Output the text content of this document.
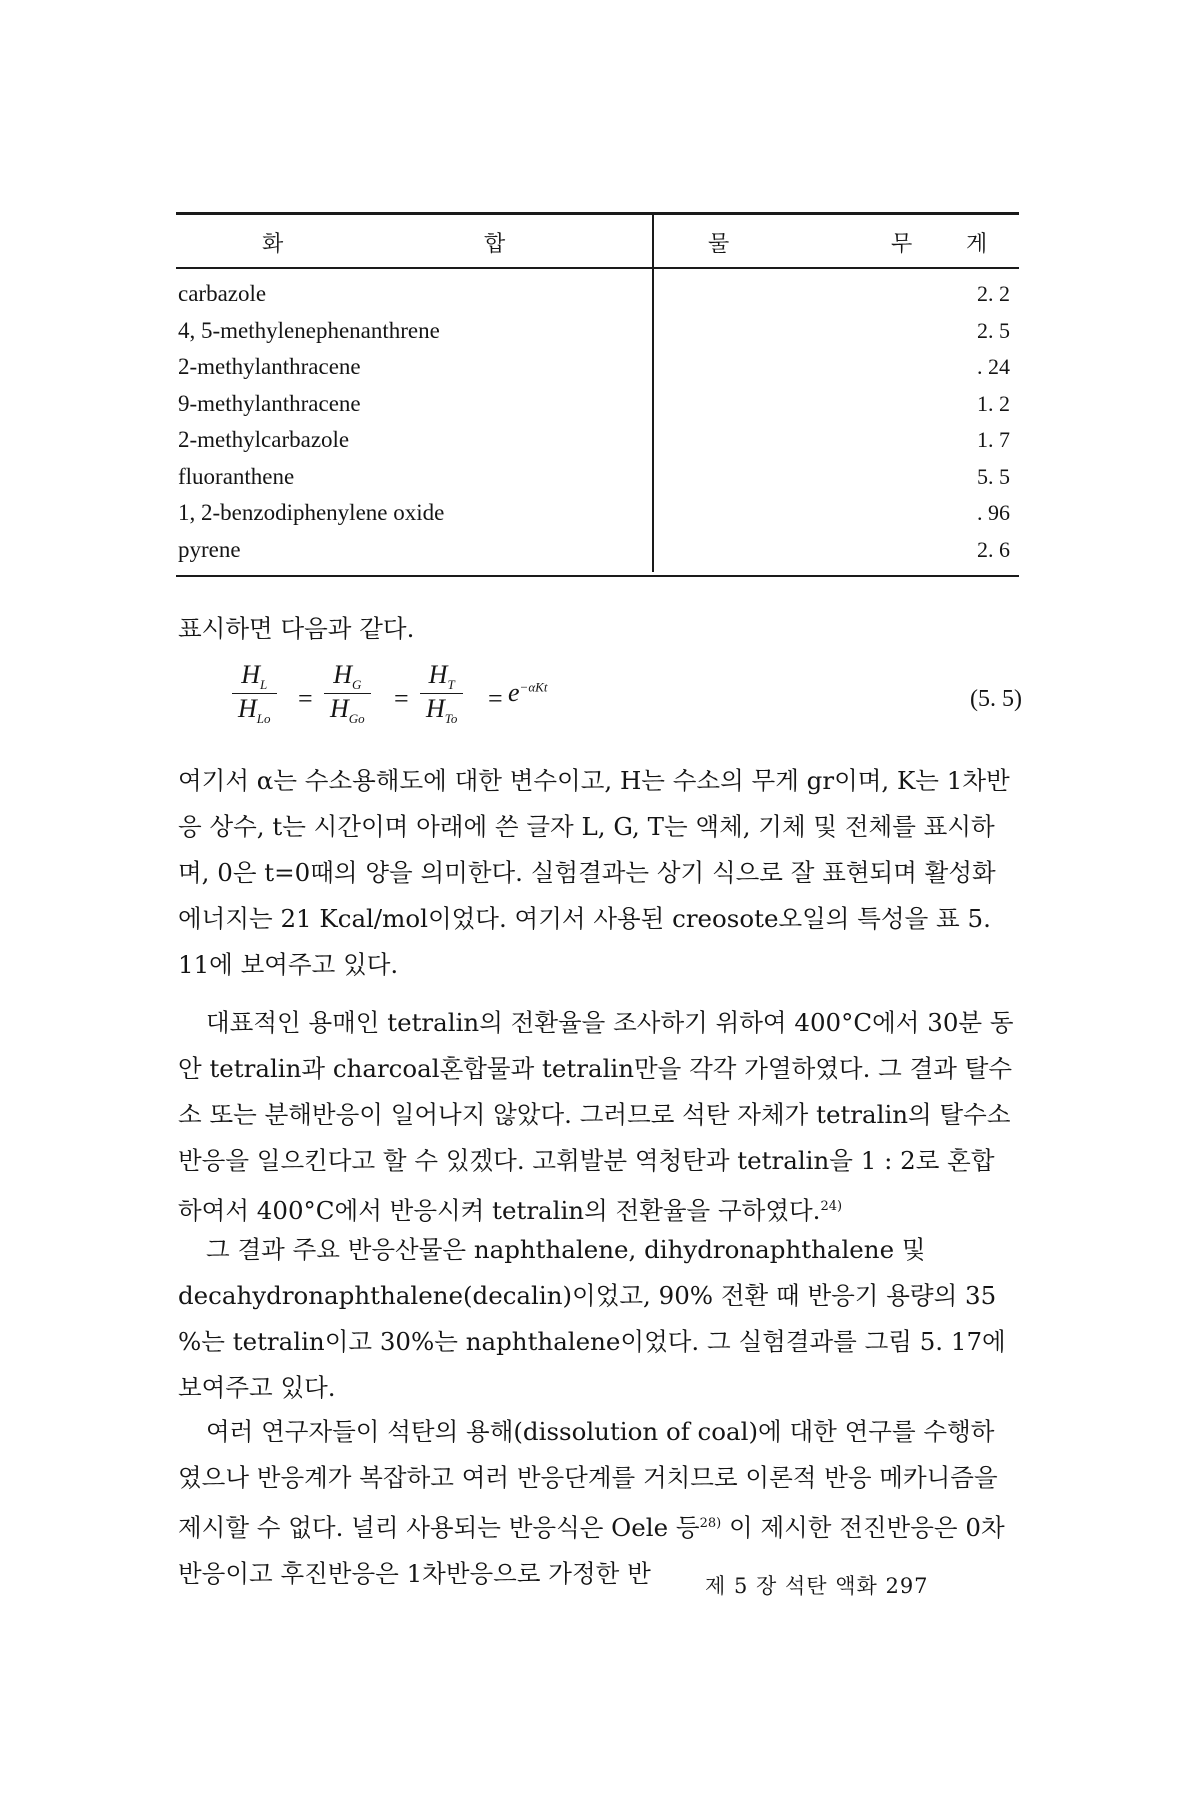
화	합	물	무 게
carbazole	2. 2
4, 5-methylenephenanthrene	2. 5
2-methylanthracene	. 24
9-methylanthracene	1. 2
2-methylcarbazole	1. 7
fluoranthene	5. 5
1, 2-benzodiphenylene oxide	. 96
pyrene	2. 6
표시하면 다음과 같다.
$H_L$
$H_{Lo}$
=
$H_G$
$H_{Go}$
=
$H_T$
$H_{To}$
= $e^{-\alpha Kt}$	(5. 5)
여기서 α는 수소용해도에 대한 변수이고, H는 수소의 무게 gr이며, K는 1차반응 상수, t는 시간이며 아래에 쓴 글자 L, G, T는 액체, 기체 및 전체를 표시하며, 0은 t=0때의 양을 의미한다. 실험결과는 상기 식으로 잘 표현되며 활성화 에너지는 21 Kcal/mol이었다. 여기서 사용된 creosote오일의 특성을 표 5. 11에 보여주고 있다.
대표적인 용매인 tetralin의 전환율을 조사하기 위하여 400°C에서 30분 동안 tetralin과 charcoal혼합물과 tetralin만을 각각 가열하였다. 그 결과 탈수소 또는 분해반응이 일어나지 않았다. 그러므로 석탄 자체가 tetralin의 탈수소반응을 일으킨다고 할 수 있겠다. 고휘발분 역청탄과 tetralin을 1 : 2로 혼합하여서 400°C에서 반응시켜 tetralin의 전환율을 구하였다.$^{24)}$
그 결과 주요 반응산물은 naphthalene, dihydronaphthalene 및 decahydronaphthalene(decalin)이었고, 90% 전환 때 반응기 용량의 35 %는 tetralin이고 30%는 naphthalene이었다. 그 실험결과를 그림 5. 17에 보여주고 있다.
여러 연구자들이 석탄의 용해(dissolution of coal)에 대한 연구를 수행하였으나 반응계가 복잡하고 여러 반응단계를 거치므로 이론적 반응 메카니즘을 제시할 수 없다. 널리 사용되는 반응식은 Oele 등$^{28)}$ 이 제시한 전진반응은 0차반응이고 후진반응은 1차반응으로 가정한 반	제 5 장 석탄 액화 297
